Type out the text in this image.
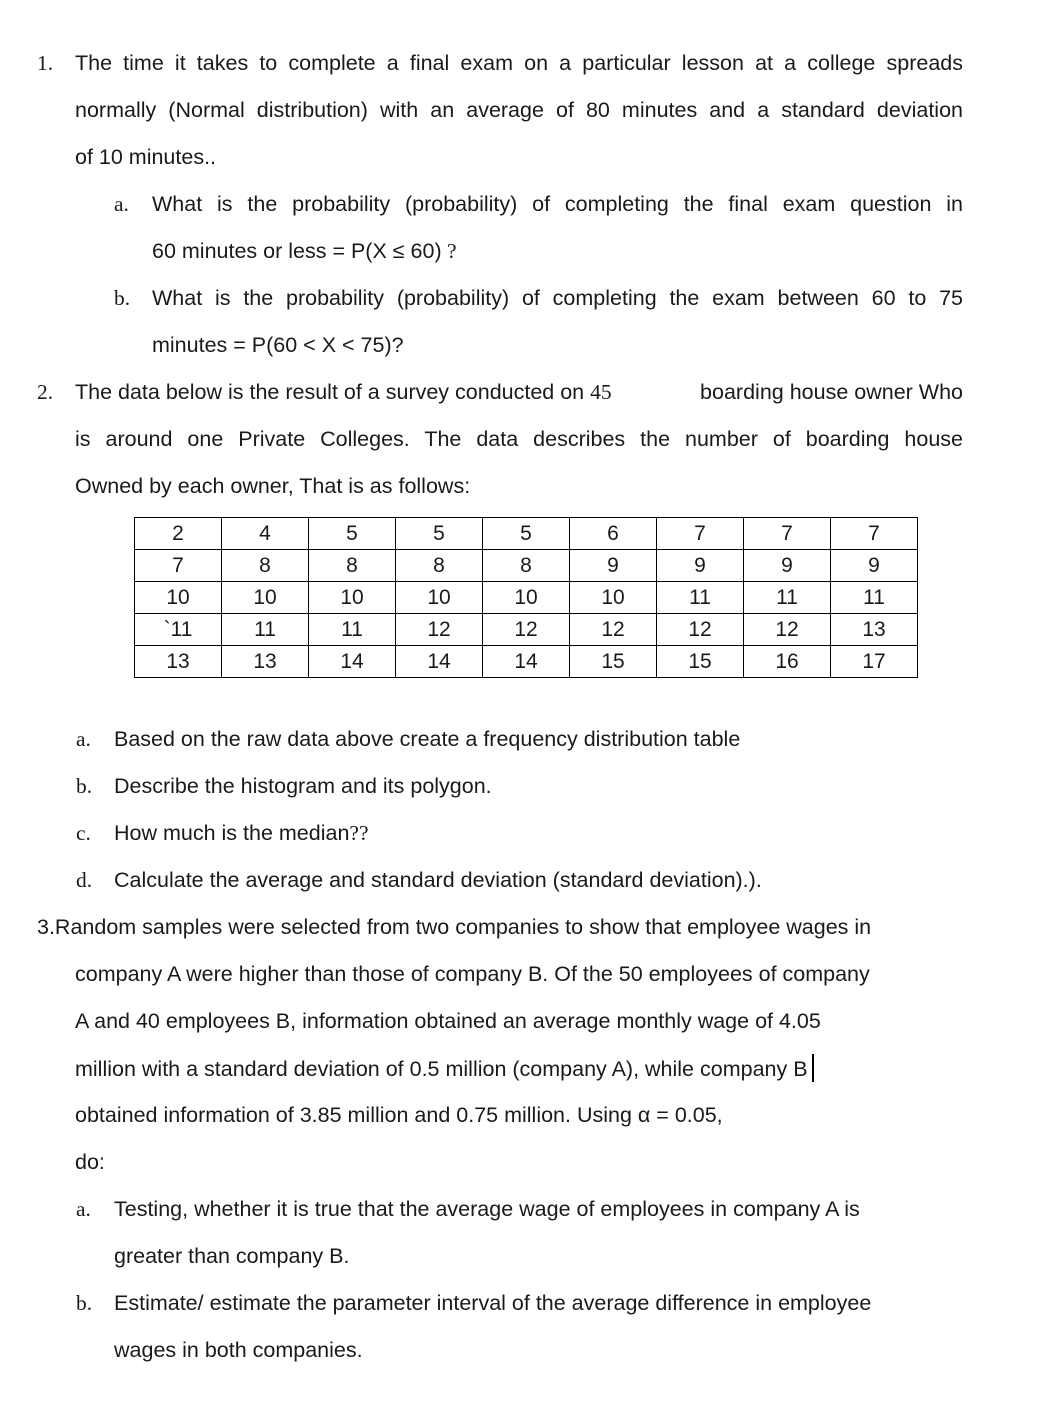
1. The time it takes to complete a final exam on a particular lesson at a college spreads
normally (Normal distribution) with an average of 80 minutes and a standard deviation
of 10 minutes..
a. What is the probability (probability) of completing the final exam question in
60 minutes or less = P(X ≤ 60) ?
b. What is the probability (probability) of completing the exam between 60 to 75
minutes = P(60 < X < 75)?
2. The data below is the result of a survey conducted on 45	boarding house owner Who
is around one Private Colleges. The data describes the number of boarding house
Owned by each owner, That is as follows:
2	4	5	5	5	6	7	7	7
7	8	8	8	8	9	9	9	9
10	10	10	10	10	10	11	11	11
`11	11	11	12	12	12	12	12	13
13	13	14	14	14	15	15	16	17
a. Based on the raw data above create a frequency distribution table
b. Describe the histogram and its polygon.
c. How much is the median??
d. Calculate the average and standard deviation (standard deviation).).
3.Random samples were selected from two companies to show that employee wages in
company A were higher than those of company B. Of the 50 employees of company
A and 40 employees B, information obtained an average monthly wage of 4.05
million with a standard deviation of 0.5 million (company A), while company B
obtained information of 3.85 million and 0.75 million. Using α = 0.05,
do:
a. Testing, whether it is true that the average wage of employees in company A is
greater than company B.
b. Estimate/ estimate the parameter interval of the average difference in employee
wages in both companies.
